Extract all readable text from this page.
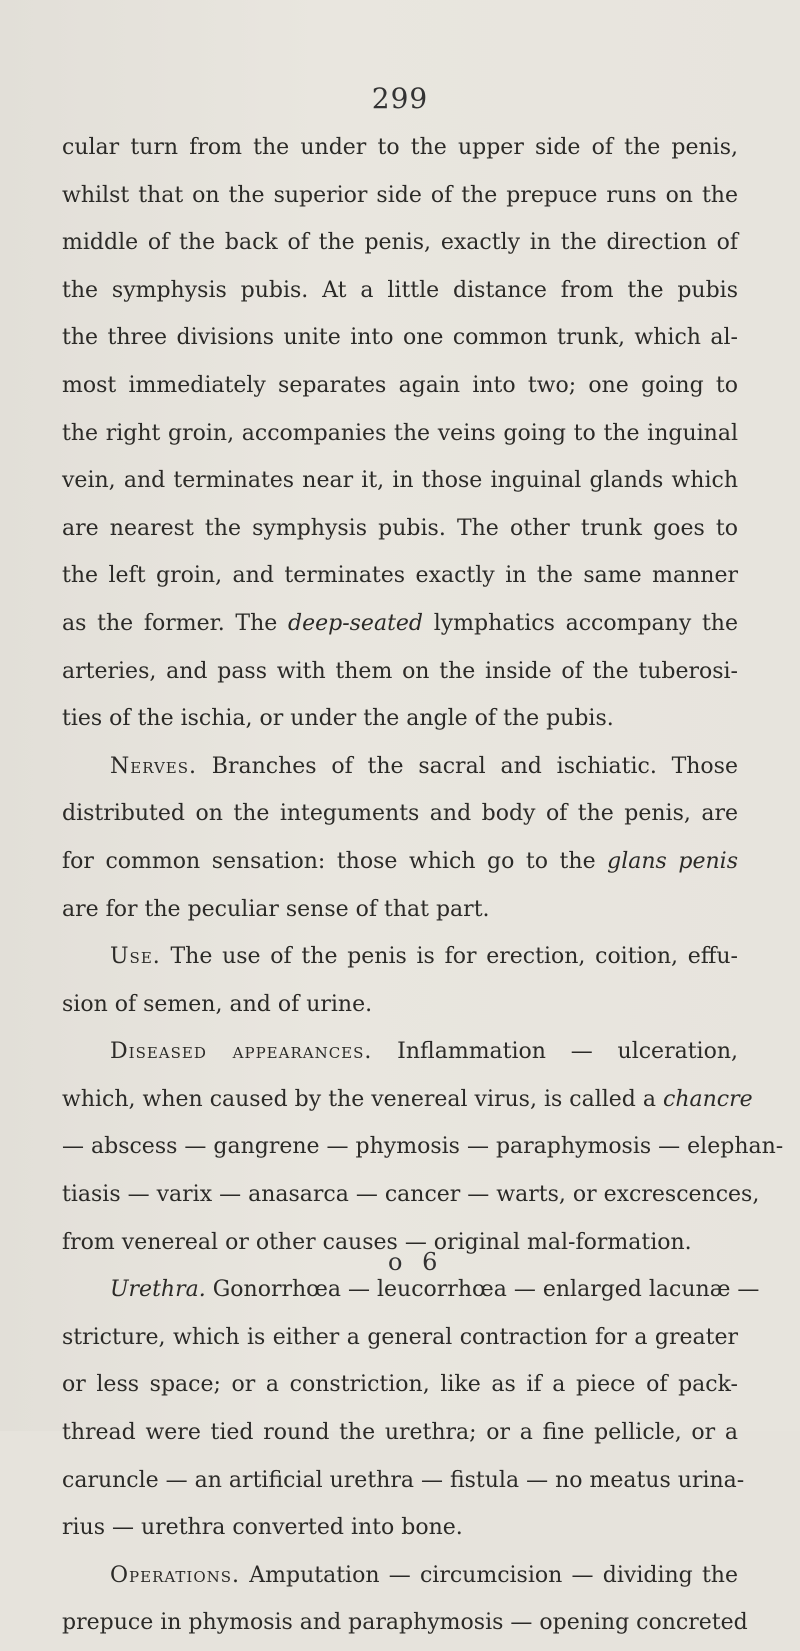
299
cular turn from the under to the upper side of the penis,
whilst that on the superior side of the prepuce runs on the
middle of the back of the penis, exactly in the direction of
the symphysis pubis. At a little distance from the pubis
the three divisions unite into one common trunk, which al-
most immediately separates again into two; one going to
the right groin, accompanies the veins going to the inguinal
vein, and terminates near it, in those inguinal glands which
are nearest the symphysis pubis. The other trunk goes to
the left groin, and terminates exactly in the same manner
as the former. The deep-seated lymphatics accompany the
arteries, and pass with them on the inside of the tuberosi-
ties of the ischia, or under the angle of the pubis.
Nerves. Branches of the sacral and ischiatic. Those
distributed on the integuments and body of the penis, are
for common sensation: those which go to the glans penis
are for the peculiar sense of that part.
Use. The use of the penis is for erection, coition, effu-
sion of semen, and of urine.
Diseased appearances. Inflammation — ulceration,
which, when caused by the venereal virus, is called a chancre
— abscess — gangrene — phymosis — paraphymosis — elephan-
tiasis — varix — anasarca — cancer — warts, or excrescences,
from venereal or other causes — original mal-formation.
Urethra. Gonorrhœa — leucorrhœa — enlarged lacunæ —
stricture, which is either a general contraction for a greater
or less space; or a constriction, like as if a piece of pack-
thread were tied round the urethra; or a fine pellicle, or a
caruncle — an artificial urethra — fistula — no meatus urina-
rius — urethra converted into bone.
Operations. Amputation — circumcision — dividing the
prepuce in phymosis and paraphymosis — opening concreted
o 6
